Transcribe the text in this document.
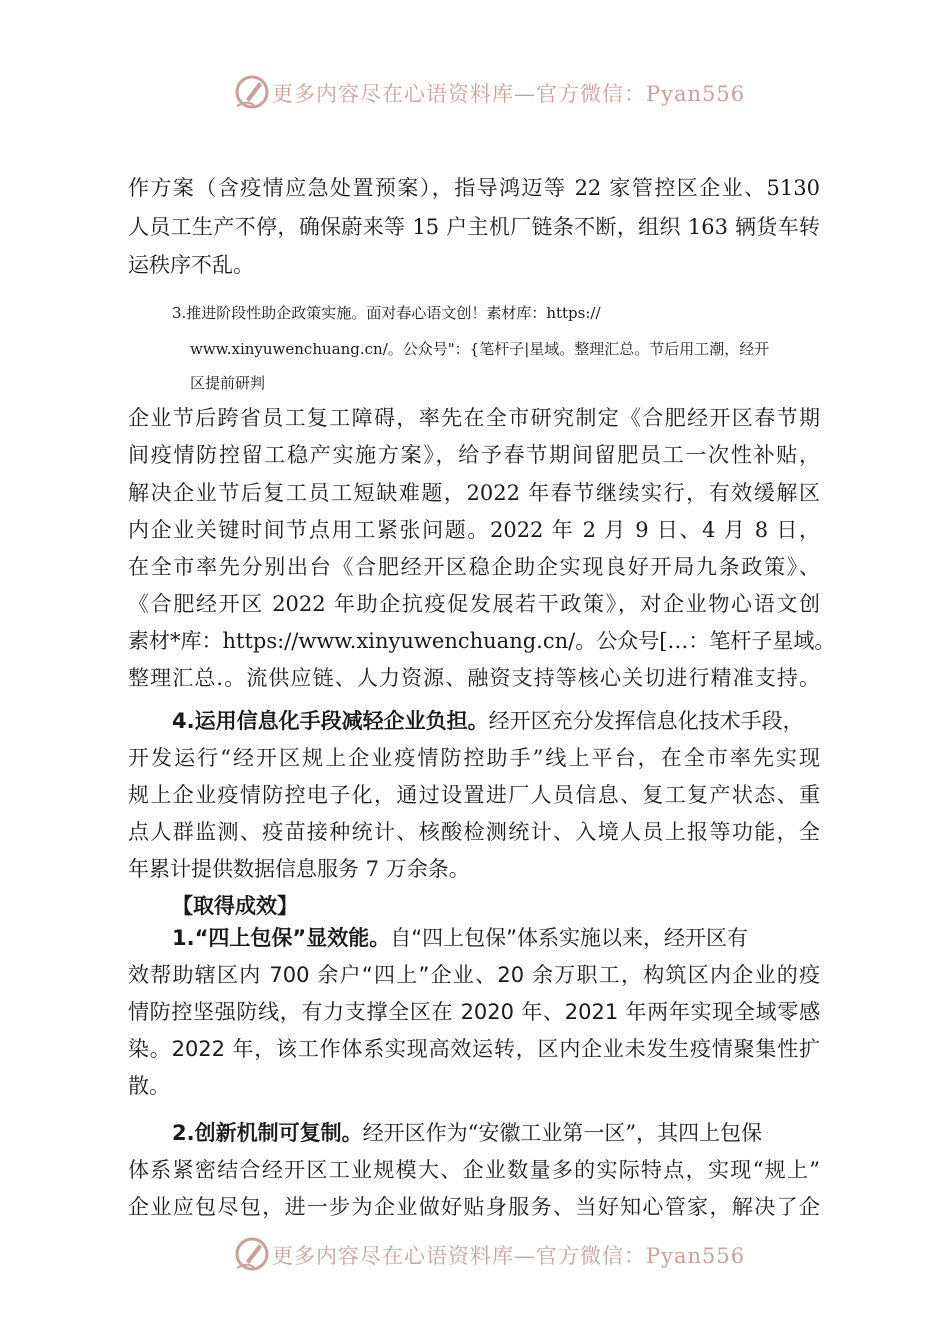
更多内容尽在心语资料库—官方微信：Pyan556
作方案（含疫情应急处置预案），指导鸿迈等 22 家管控区企业、5130
人员工生产不停，确保蔚来等 15 户主机厂链条不断，组织 163 辆货车转
运秩序不乱。
3.推进阶段性助企政策实施。面对春心语文创！素材库：https://
www.xinyuwenchuang.cn/。公众号"：{笔杆子|星域。整理汇总。节后用工潮，经开
区提前研判
企业节后跨省员工复工障碍，率先在全市研究制定《合肥经开区春节期
间疫情防控留工稳产实施方案》，给予春节期间留肥员工一次性补贴，
解决企业节后复工员工短缺难题，2022 年春节继续实行，有效缓解区
内企业关键时间节点用工紧张问题。2022 年 2 月 9 日、4 月 8 日，
在全市率先分别出台《合肥经开区稳企助企实现良好开局九条政策》、
《合肥经开区 2022 年助企抗疫促发展若干政策》，对企业物心语文创
素材*库：https://www.xinyuwenchuang.cn/。公众号[…：笔杆子星域。
整理汇总.。流供应链、人力资源、融资支持等核心关切进行精准支持。
4.运用信息化手段减轻企业负担。经开区充分发挥信息化技术手段，
开发运行“经开区规上企业疫情防控助手”线上平台，在全市率先实现
规上企业疫情防控电子化，通过设置进厂人员信息、复工复产状态、重
点人群监测、疫苗接种统计、核酸检测统计、入境人员上报等功能，全
年累计提供数据信息服务 7 万余条。
【取得成效】
1.“四上包保”显效能。自“四上包保”体系实施以来，经开区有
效帮助辖区内 700 余户“四上”企业、20 余万职工，构筑区内企业的疫
情防控坚强防线，有力支撑全区在 2020 年、2021 年两年实现全域零感
染。2022 年，该工作体系实现高效运转，区内企业未发生疫情聚集性扩
散。
2.创新机制可复制。经开区作为“安徽工业第一区”，其四上包保
体系紧密结合经开区工业规模大、企业数量多的实际特点，实现“规上”
企业应包尽包，进一步为企业做好贴身服务、当好知心管家，解决了企
更多内容尽在心语资料库—官方微信：Pyan556
